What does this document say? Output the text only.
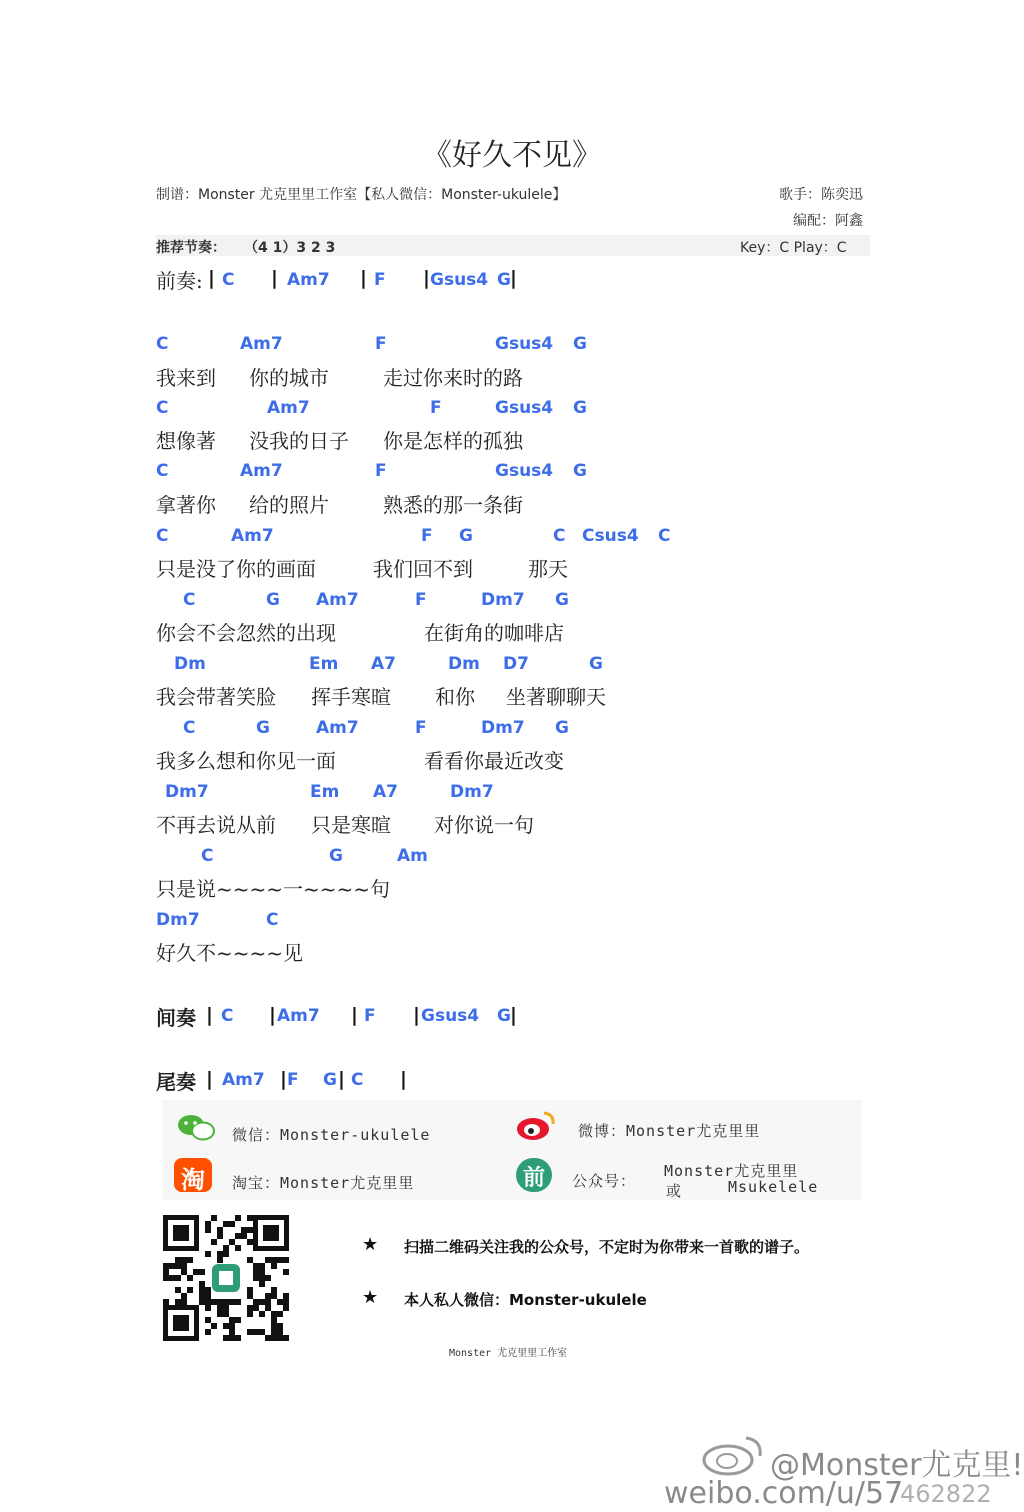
《好久不见》
制谱：Monster 尤克里里工作室【私人微信：Monster-ukulele】	歌手：陈奕迅
编配：阿鑫
推荐节奏： （4 1）3 2 3	Key：C Play：C
前奏: | C | Am7 | F | Gsus4 G |
C	Am7	F	Gsus4 G
我来到 你的城市	走过你来时的路
C	Am7	F	Gsus4 G
想像著 没我的日子 你是怎样的孤独
C	Am7	F	Gsus4 G
拿著你 给的照片	熟悉的那一条街
C	Am7	F G	C Csus4 C
只是没了你的画面	我们回不到	那天
C	G Am7	F	Dm7 G
你会不会忽然的出现	在街角的咖啡店
Dm	Em A7	Dm D7	G
我会带著笑脸 挥手寒暄 和你 坐著聊聊天
C	G	Am7	F	Dm7 G
我多么想和你见一面	看看你最近改变
Dm7	Em A7	Dm7
不再去说从前 只是寒暄 对你说一句
C	G	Am
只是说~~~~一~~~~句
Dm7	C
好久不~~~~见
间奏 | C | Am7 | F | Gsus4 G |
尾奏 | Am7 | F G | C |
微信：Monster-ukulele	微博：Monster尤克里里
淘	淘宝：Monster尤克里里	前	公众号：
Monster尤克里里
或	Msukelele
★ 扫描二维码关注我的公众号，不定时为你带来一首歌的谱子。
★ 本人私人微信：Monster-ukulele
Monster 尤克里里工作室
@Monster尤克里!
weibo.com/u/57
462822
